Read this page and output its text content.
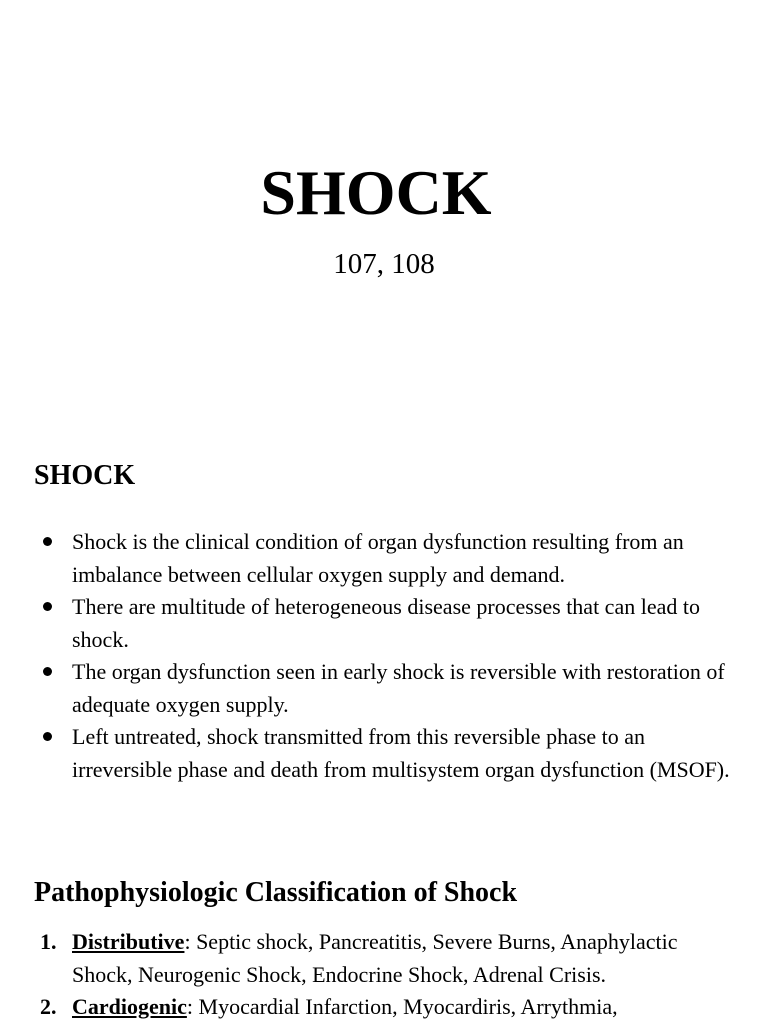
SHOCK
107, 108
SHOCK
Shock is the clinical condition of organ dysfunction resulting from an imbalance between cellular oxygen supply and demand.
There are multitude of heterogeneous disease processes that can lead to shock.
The organ dysfunction seen in early shock is reversible with restoration of adequate oxygen supply.
Left untreated, shock transmitted from this reversible phase to an irreversible phase and death from multisystem organ dysfunction (MSOF).
Pathophysiologic Classification of Shock
1. Distributive: Septic shock, Pancreatitis, Severe Burns, Anaphylactic Shock, Neurogenic Shock, Endocrine Shock, Adrenal Crisis.
2. Cardiogenic: Myocardial Infarction, Myocardiris, Arrythmia,
